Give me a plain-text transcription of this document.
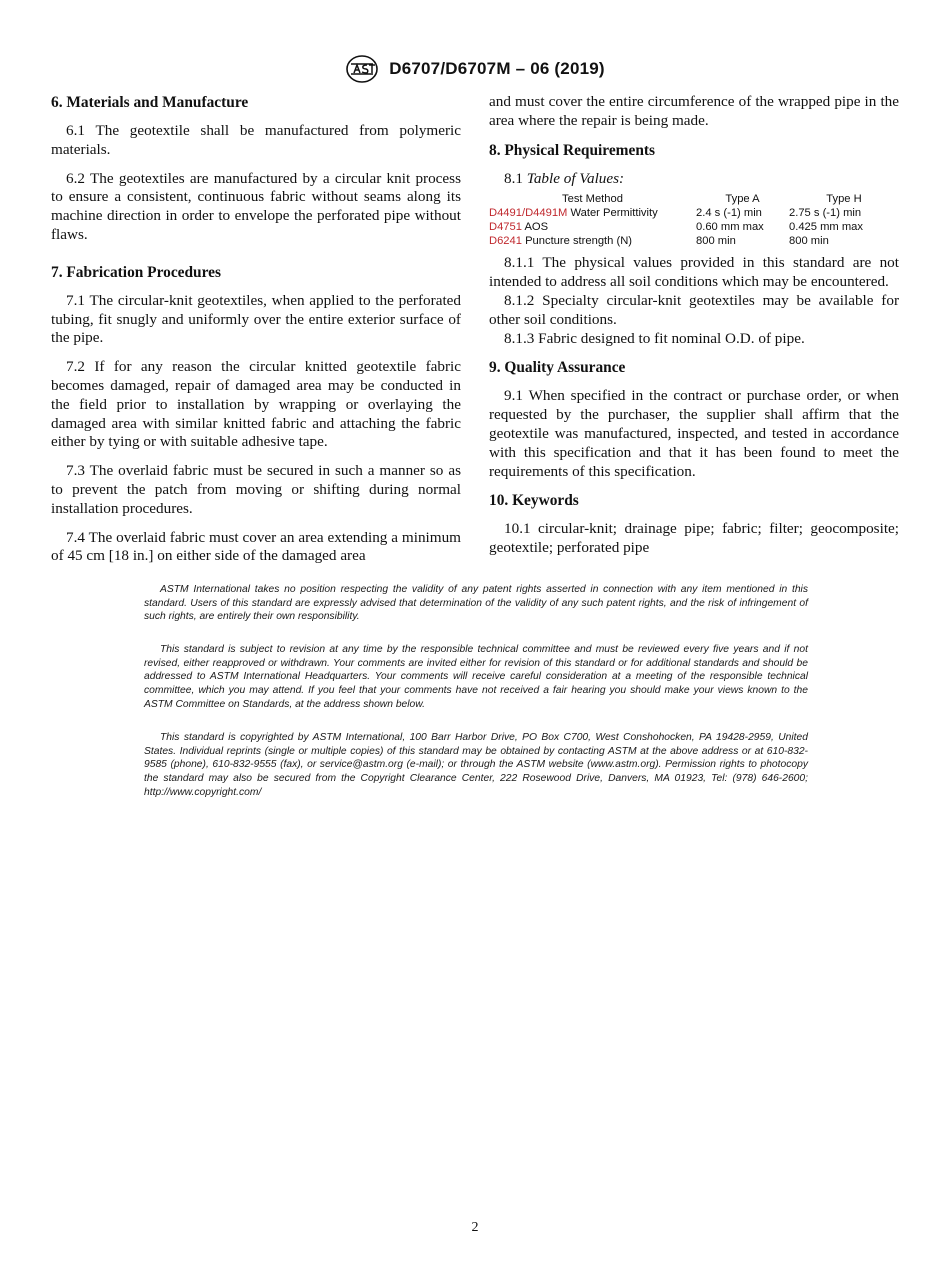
D6707/D6707M – 06 (2019)
6. Materials and Manufacture

6.1 The geotextile shall be manufactured from polymeric materials.

6.2 The geotextiles are manufactured by a circular knit process to ensure a consistent, continuous fabric without seams along its machine direction in order to envelope the perforated pipe without flaws.

7. Fabrication Procedures

7.1 The circular-knit geotextiles, when applied to the perforated tubing, fit snugly and uniformly over the entire exterior surface of the pipe.

7.2 If for any reason the circular knitted geotextile fabric becomes damaged, repair of damaged area may be conducted in the field prior to installation by wrapping or overlaying the damaged area with similar knitted fabric and attaching the fabric either by tying or with suitable adhesive tape.

7.3 The overlaid fabric must be secured in such a manner so as to prevent the patch from moving or shifting during normal installation procedures.

7.4 The overlaid fabric must cover an area extending a minimum of 45 cm [18 in.] on either side of the damaged area

and must cover the entire circumference of the wrapped pipe in the area where the repair is being made.

8. Physical Requirements
8.1 Table of Values:
Test Method	Type A	Type H
D4491/D4491M Water Permittivity	2.4 s (-1) min	2.75 s (-1) min
D4751 AOS	0.60 mm max	0.425 mm max
D6241 Puncture strength (N)	800 min	800 min

8.1.1 The physical values provided in this standard are not intended to address all soil conditions which may be encountered.

8.1.2 Specialty circular-knit geotextiles may be available for other soil conditions.

8.1.3 Fabric designed to fit nominal O.D. of pipe.

9. Quality Assurance

9.1 When specified in the contract or purchase order, or when requested by the purchaser, the supplier shall affirm that the geotextile was manufactured, inspected, and tested in accordance with this specification and that it has been found to meet the requirements of this specification.

10. Keywords

10.1 circular-knit; drainage pipe; fabric; filter; geocomposite; geotextile; perforated pipe

ASTM International takes no position respecting the validity of any patent rights asserted in connection with any item mentioned in this standard. Users of this standard are expressly advised that determination of the validity of any such patent rights, and the risk of infringement of such rights, are entirely their own responsibility.
This standard is subject to revision at any time by the responsible technical committee and must be reviewed every five years and if not revised, either reapproved or withdrawn. Your comments are invited either for revision of this standard or for additional standards and should be addressed to ASTM International Headquarters. Your comments will receive careful consideration at a meeting of the responsible technical committee, which you may attend. If you feel that your comments have not received a fair hearing you should make your views known to the ASTM Committee on Standards, at the address shown below.
This standard is copyrighted by ASTM International, 100 Barr Harbor Drive, PO Box C700, West Conshohocken, PA 19428-2959, United States. Individual reprints (single or multiple copies) of this standard may be obtained by contacting ASTM at the above address or at 610-832-9585 (phone), 610-832-9555 (fax), or service@astm.org (e-mail); or through the ASTM website (www.astm.org). Permission rights to photocopy the standard may also be secured from the Copyright Clearance Center, 222 Rosewood Drive, Danvers, MA 01923, Tel: (978) 646-2600; http://www.copyright.com/
2
